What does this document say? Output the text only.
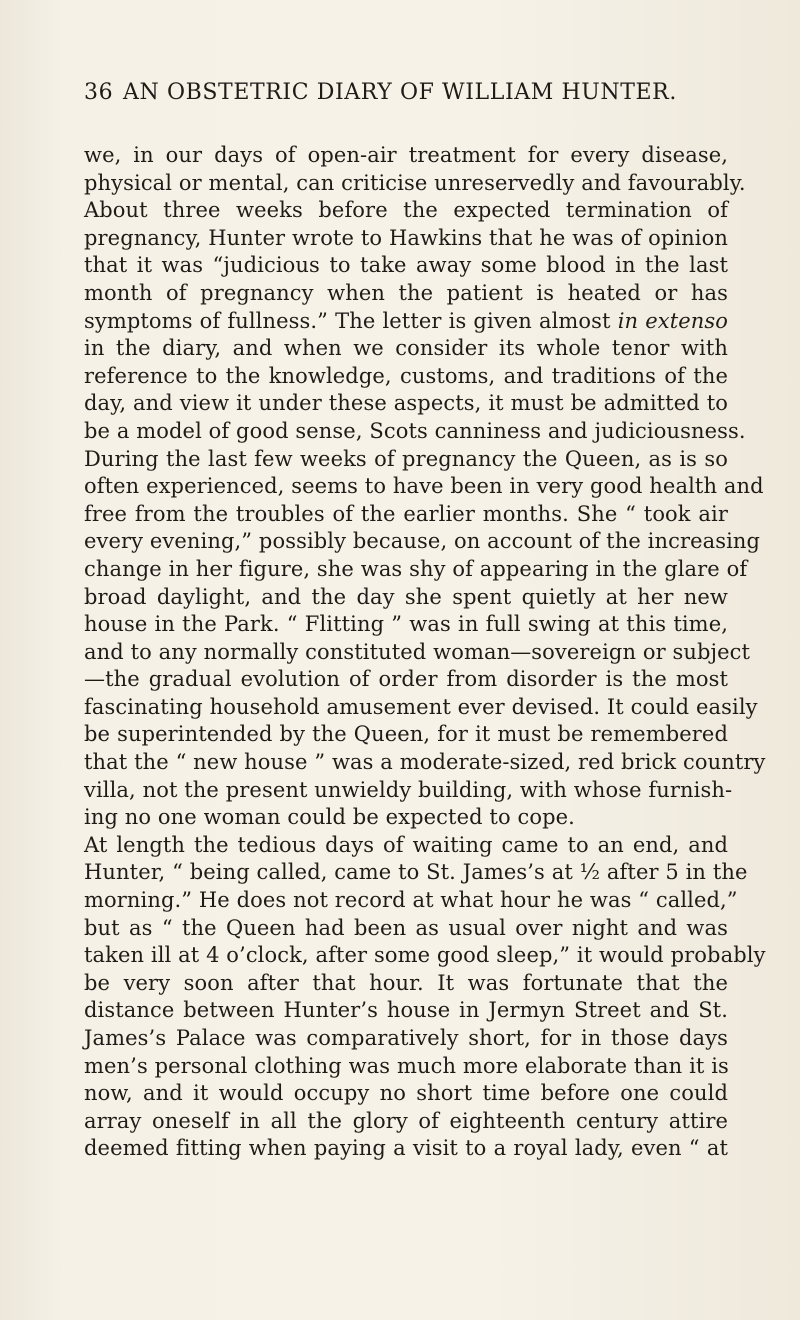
36 AN OBSTETRIC DIARY OF WILLIAM HUNTER.
we, in our days of open-air treatment for every disease,
physical or mental, can criticise unreservedly and favourably.
About three weeks before the expected termination of
pregnancy, Hunter wrote to Hawkins that he was of opinion
that it was “judicious to take away some blood in the last
month of pregnancy when the patient is heated or has
symptoms of fullness.” The letter is given almost in extenso
in the diary, and when we consider its whole tenor with
reference to the knowledge, customs, and traditions of the
day, and view it under these aspects, it must be admitted to
be a model of good sense, Scots canniness and judiciousness.
During the last few weeks of pregnancy the Queen, as is so
often experienced, seems to have been in very good health and
free from the troubles of the earlier months. She “ took air
every evening,” possibly because, on account of the increasing
change in her figure, she was shy of appearing in the glare of
broad daylight, and the day she spent quietly at her new
house in the Park. “ Flitting ” was in full swing at this time,
and to any normally constituted woman—sovereign or subject
—the gradual evolution of order from disorder is the most
fascinating household amusement ever devised. It could easily
be superintended by the Queen, for it must be remembered
that the “ new house ” was a moderate-sized, red brick country
villa, not the present unwieldy building, with whose furnish-
ing no one woman could be expected to cope.
At length the tedious days of waiting came to an end, and
Hunter, “ being called, came to St. James’s at ½ after 5 in the
morning.” He does not record at what hour he was “ called,”
but as “ the Queen had been as usual over night and was
taken ill at 4 o’clock, after some good sleep,” it would probably
be very soon after that hour. It was fortunate that the
distance between Hunter’s house in Jermyn Street and St.
James’s Palace was comparatively short, for in those days
men’s personal clothing was much more elaborate than it is
now, and it would occupy no short time before one could
array oneself in all the glory of eighteenth century attire
deemed fitting when paying a visit to a royal lady, even “ at
